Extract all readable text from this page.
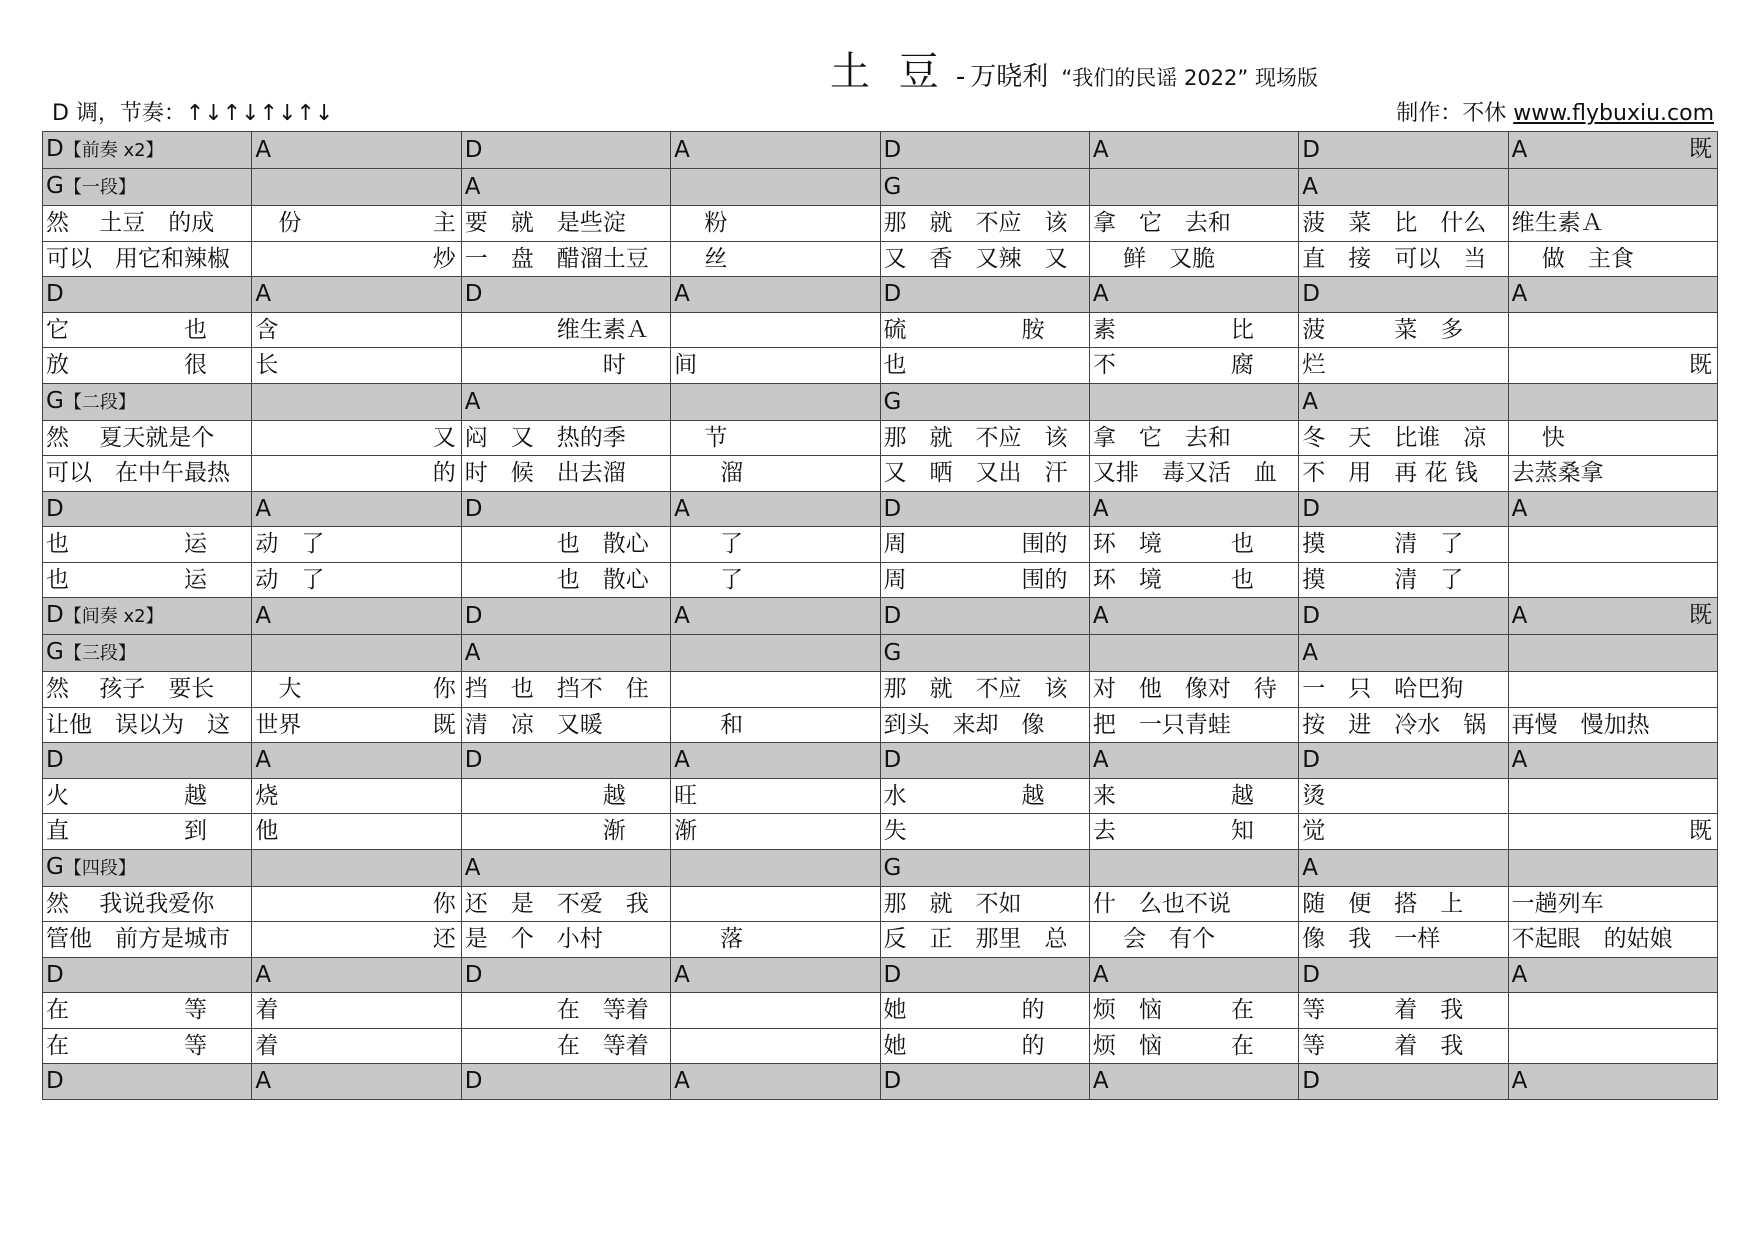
土 豆 - 万晓利 “我们的民谣 2022” 现场版
D 调，节奏：↑↓↑↓↑↓↑↓	制作：不休 www.flybuxiu.com
D【前奏 x2】	A	D	A	D	A	D	A 既

G【一段】		A		G		A	
然　 土豆　的成	　份 主	要　就　是些淀	　 粉	那　就　不应　该	拿　它　去和	菠　菜　比　什么	维生素Ａ
可以　用它和辣椒	炒	一　盘　醋溜土豆	　 丝	又　香　又辣　又	　 鲜　又脆	直　接　可以　当	　 做　主食
D	A	D	A	D	A	D	A
它　　　　　也	含	　　　　维生素Ａ		硫　　　　　胺	素　　　　　比	菠　　　菜　多	
放　　　　　很	长	　　　　　　时	间	也	不　　　　　腐	烂	既

G【二段】		A		G		A	
然　 夏天就是个	又	闷　又　热的季	　 节	那　就　不应　该	拿　它　去和	冬　天　比谁　凉	　 快
可以　在中午最热	的	时　候　出去溜	　　溜	又　晒　又出　汗	又排　毒又活　血	不　用　再 花 钱	去蒸桑拿
D	A	D	A	D	A	D	A
也　　　　　运	动　了	　　　　也　散心	　　了	周　　　　　围的	环　境　　　也	摸　　　清　了	
也　　　　　运	动　了	　　　　也　散心	　　了	周　　　　　围的	环　境　　　也	摸　　　清　了	
D【间奏 x2】	A	D	A	D	A	D	A 既

G【三段】		A		G		A	
然　 孩子　要长	　大 你	挡　也　挡不　住		那　就　不应　该	对　他　像对　待	一　只　哈巴狗	
让他　误以为　这	世界 既	清　凉　又暖	　　和	到头　来却　像	把　一只青蛙	按　进　冷水　锅	再慢　慢加热
D	A	D	A	D	A	D	A
火　　　　　越	烧	　　　　　　越	旺	水　　　　　越	来　　　　　越	烫	
直　　　　　到	他	　　　　　　渐	渐	失	去　　　　　知	觉	既

G【四段】		A		G		A	
然　 我说我爱你	你	还　是　不爱　我		那　就　不如	什　么也不说	随　便　搭　上	一趟列车
管他　前方是城市	还	是　个　小村	　　落	反　正　那里　总	　 会　有个	像　我　一样	不起眼　的姑娘
D	A	D	A	D	A	D	A
在　　　　　等	着	　　　　在　等着		她　　　　　的	烦　恼　　　在	等　　　着　我	
在　　　　　等	着	　　　　在　等着		她　　　　　的	烦　恼　　　在	等　　　着　我	
D	A	D	A	D	A	D	A
